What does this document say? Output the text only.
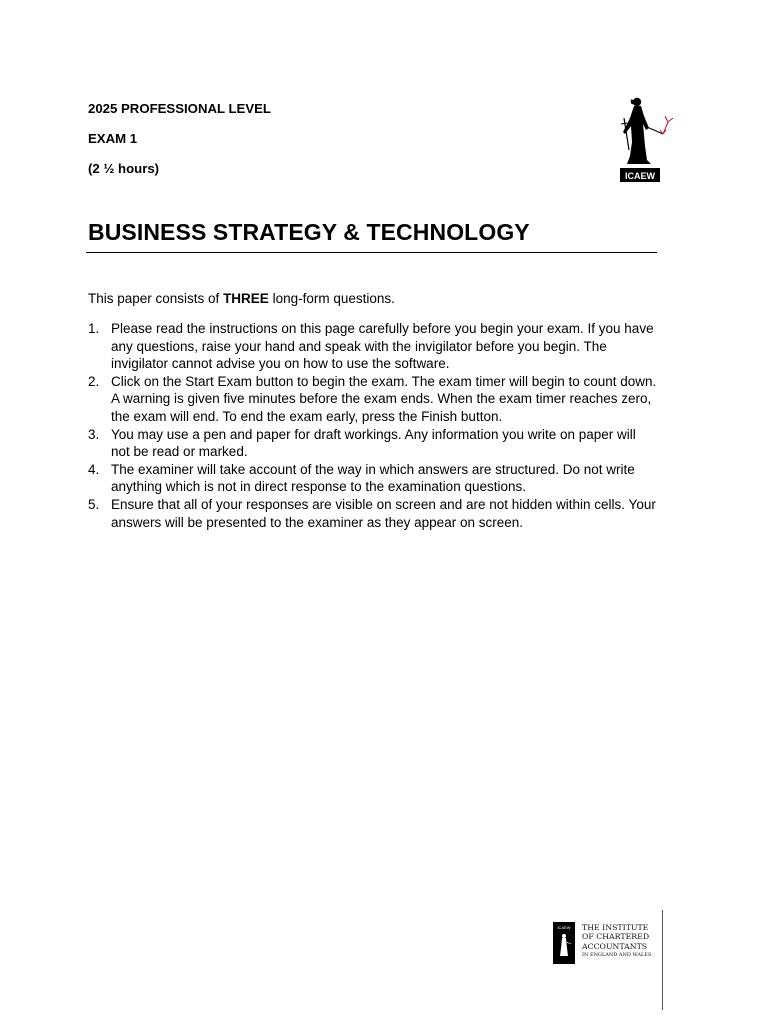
2025 PROFESSIONAL LEVEL

EXAM 1

(2 ½ hours)	ICAEW
BUSINESS STRATEGY & TECHNOLOGY

This paper consists of THREE long-form questions.

1. Please read the instructions on this page carefully before you begin your exam. If you have any questions, raise your hand and speak with the invigilator before you begin. The invigilator cannot advise you on how to use the software.
2. Click on the Start Exam button to begin the exam. The exam timer will begin to count down. A warning is given five minutes before the exam ends. When the exam timer reaches zero, the exam will end. To end the exam early, press the Finish button.
3. You may use a pen and paper for draft workings. Any information you write on paper will not be read or marked.
4. The examiner will take account of the way in which answers are structured. Do not write anything which is not in direct response to the examination questions.
5. Ensure that all of your responses are visible on screen and are not hidden within cells. Your answers will be presented to the examiner as they appear on screen.
ICAEW THE INSTITUTE
OF CHARTERED
ACCOUNTANTS
IN ENGLAND AND WALES
